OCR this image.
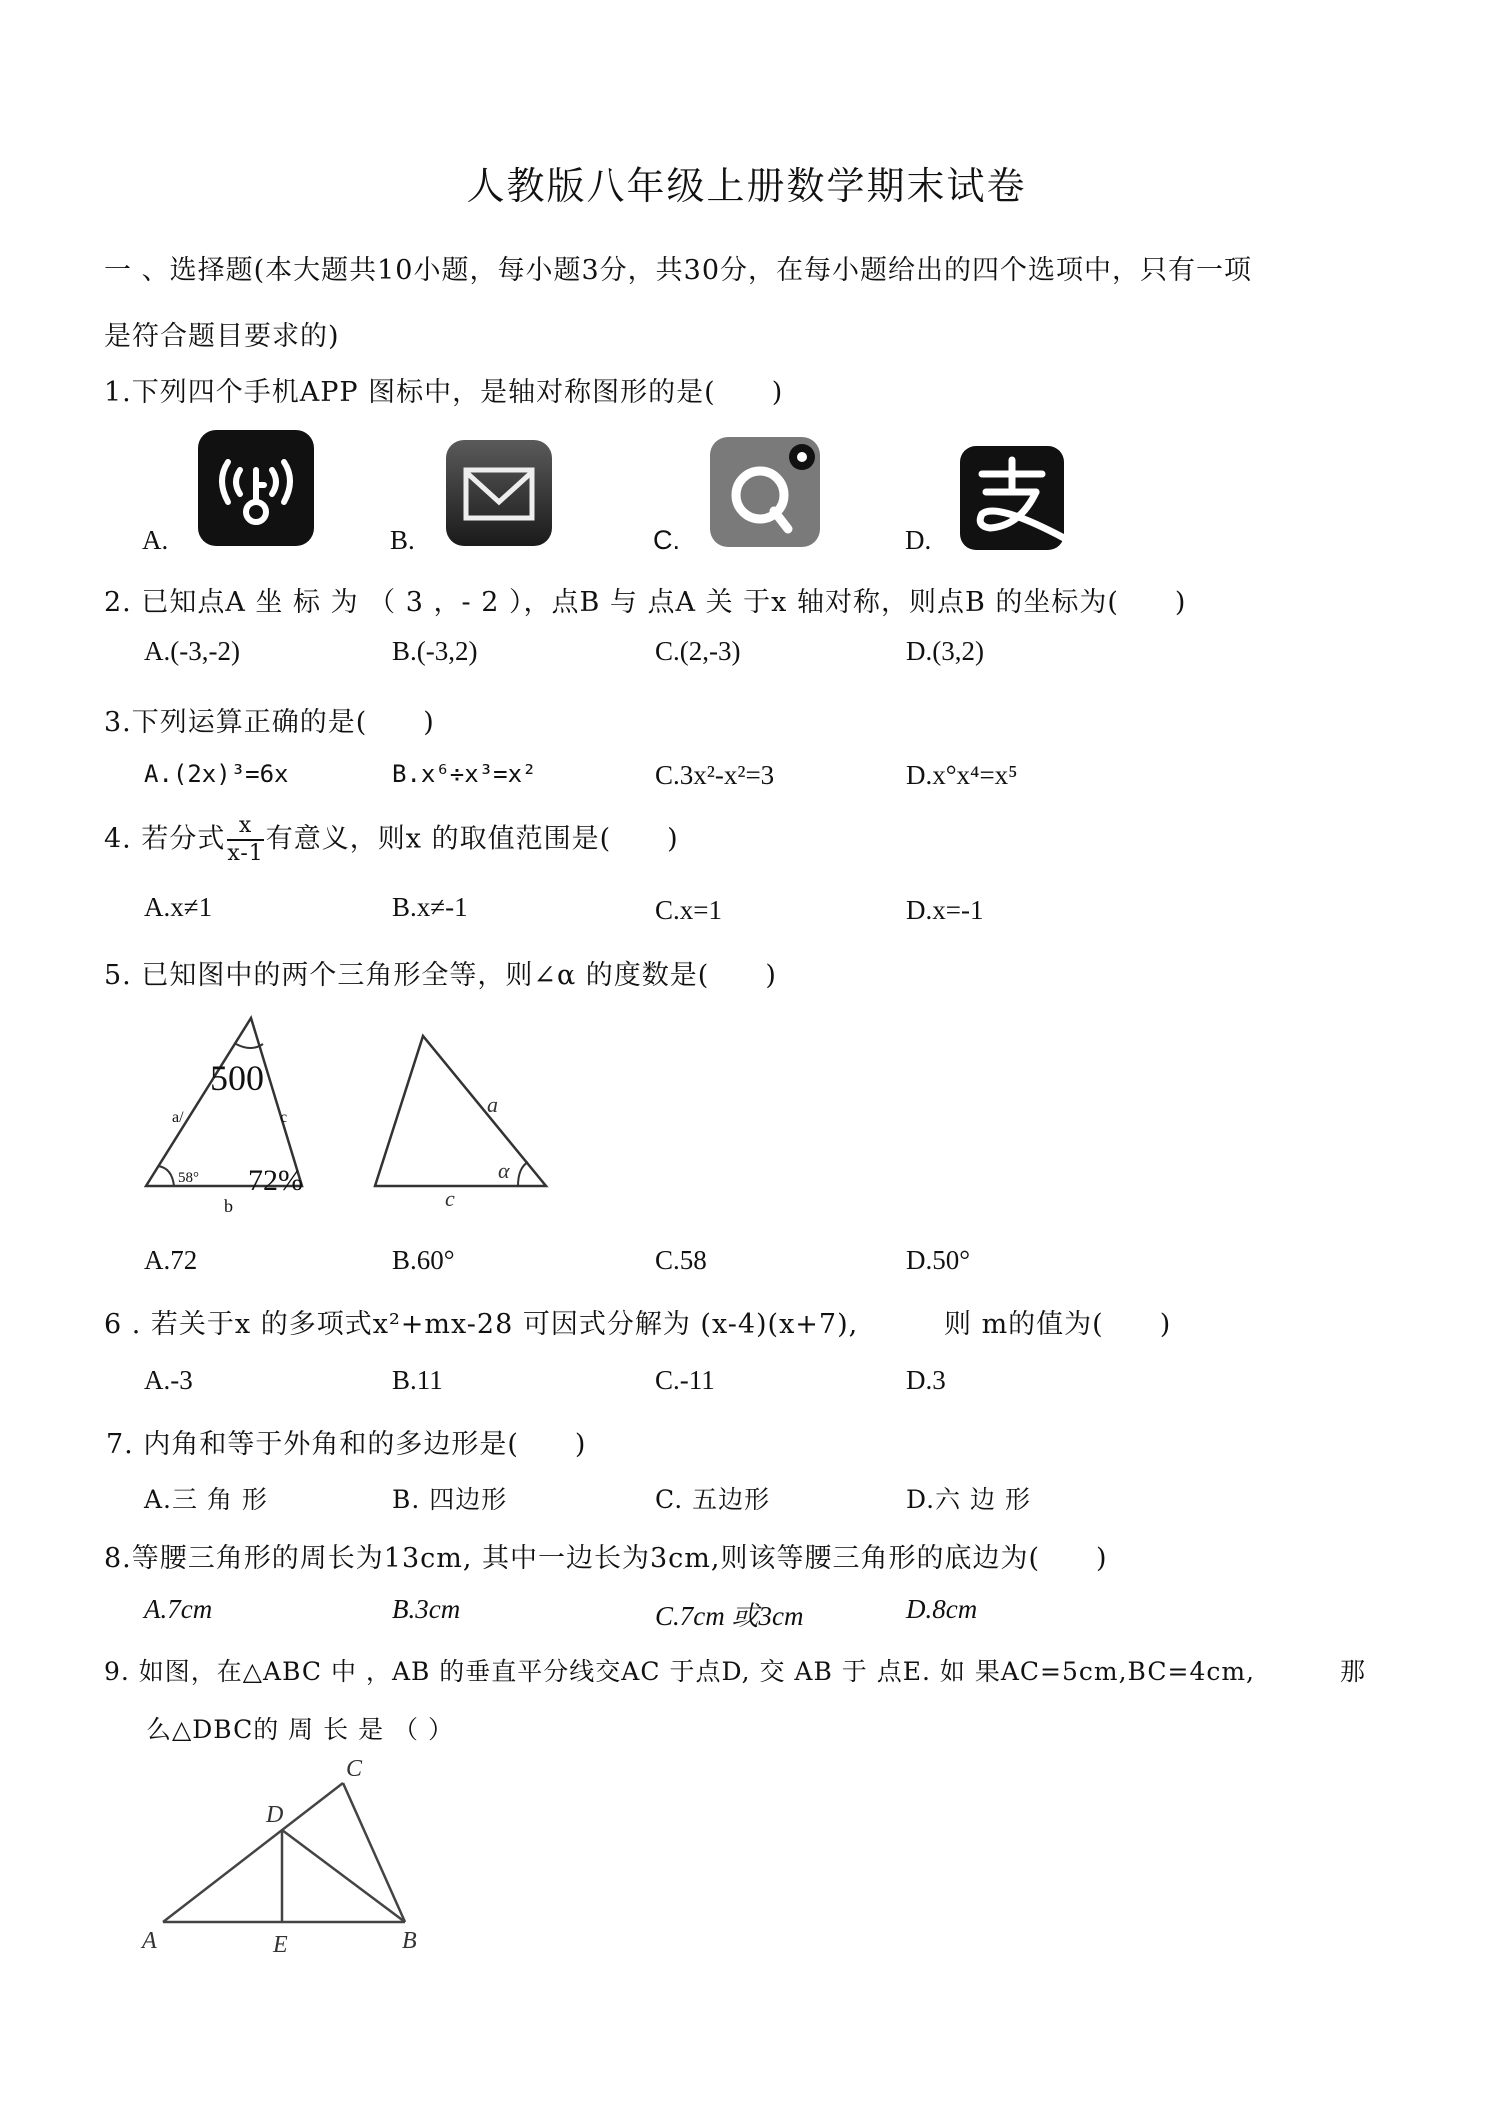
人教版八年级上册数学期末试卷
一 、选择题(本大题共10小题，每小题3分，共30分，在每小题给出的四个选项中，只有一项
是符合题目要求的)
1.下列四个手机APP 图标中，是轴对称图形的是(　　)
A.	B.	C.	D.
2. 已知点A 坐 标 为 （ 3 ，- 2 ），点B 与 点A 关 于x 轴对称，则点B 的坐标为(　　)
A.(-3,-2)	B.(-3,2)	C.(2,-3)	D.(3,2)
3.下列运算正确的是(　　)
A.(2x)³=6x	B.x⁶÷x³=x²	C.3x²-x²=3	D.x°x⁴=x⁵
4. 若分式 $\frac{x}{x-1}$ 有意义，则x 的取值范围是(　　)
A.x≠1	B.x≠-1	C.x=1	D.x=-1
5. 已知图中的两个三角形全等，则∠α 的度数是(　　)
500
a/	c
58° 72%
b
a
α
c
A.72	B.60°	C.58	D.50°
6 . 若关于x 的多项式x²+mx-28 可因式分解为 (x-4)(x+7),	则 m的值为(　　)
A.-3	B.11	C.-11	D.3
7. 内角和等于外角和的多边形是(　　)
A.三 角 形	B. 四边形	C. 五边形	D.六 边 形
8.等腰三角形的周长为13cm, 其中一边长为3cm,则该等腰三角形的底边为(　　)
A.7cm	B.3cm	C.7cm 或3cm	D.8cm
9. 如图，在△ABC 中 ，AB 的垂直平分线交AC 于点D, 交 AB 于 点E. 如 果AC=5cm,BC=4cm,	那
么△DBC的 周 长 是 （ ）
A	B
C
D
E
